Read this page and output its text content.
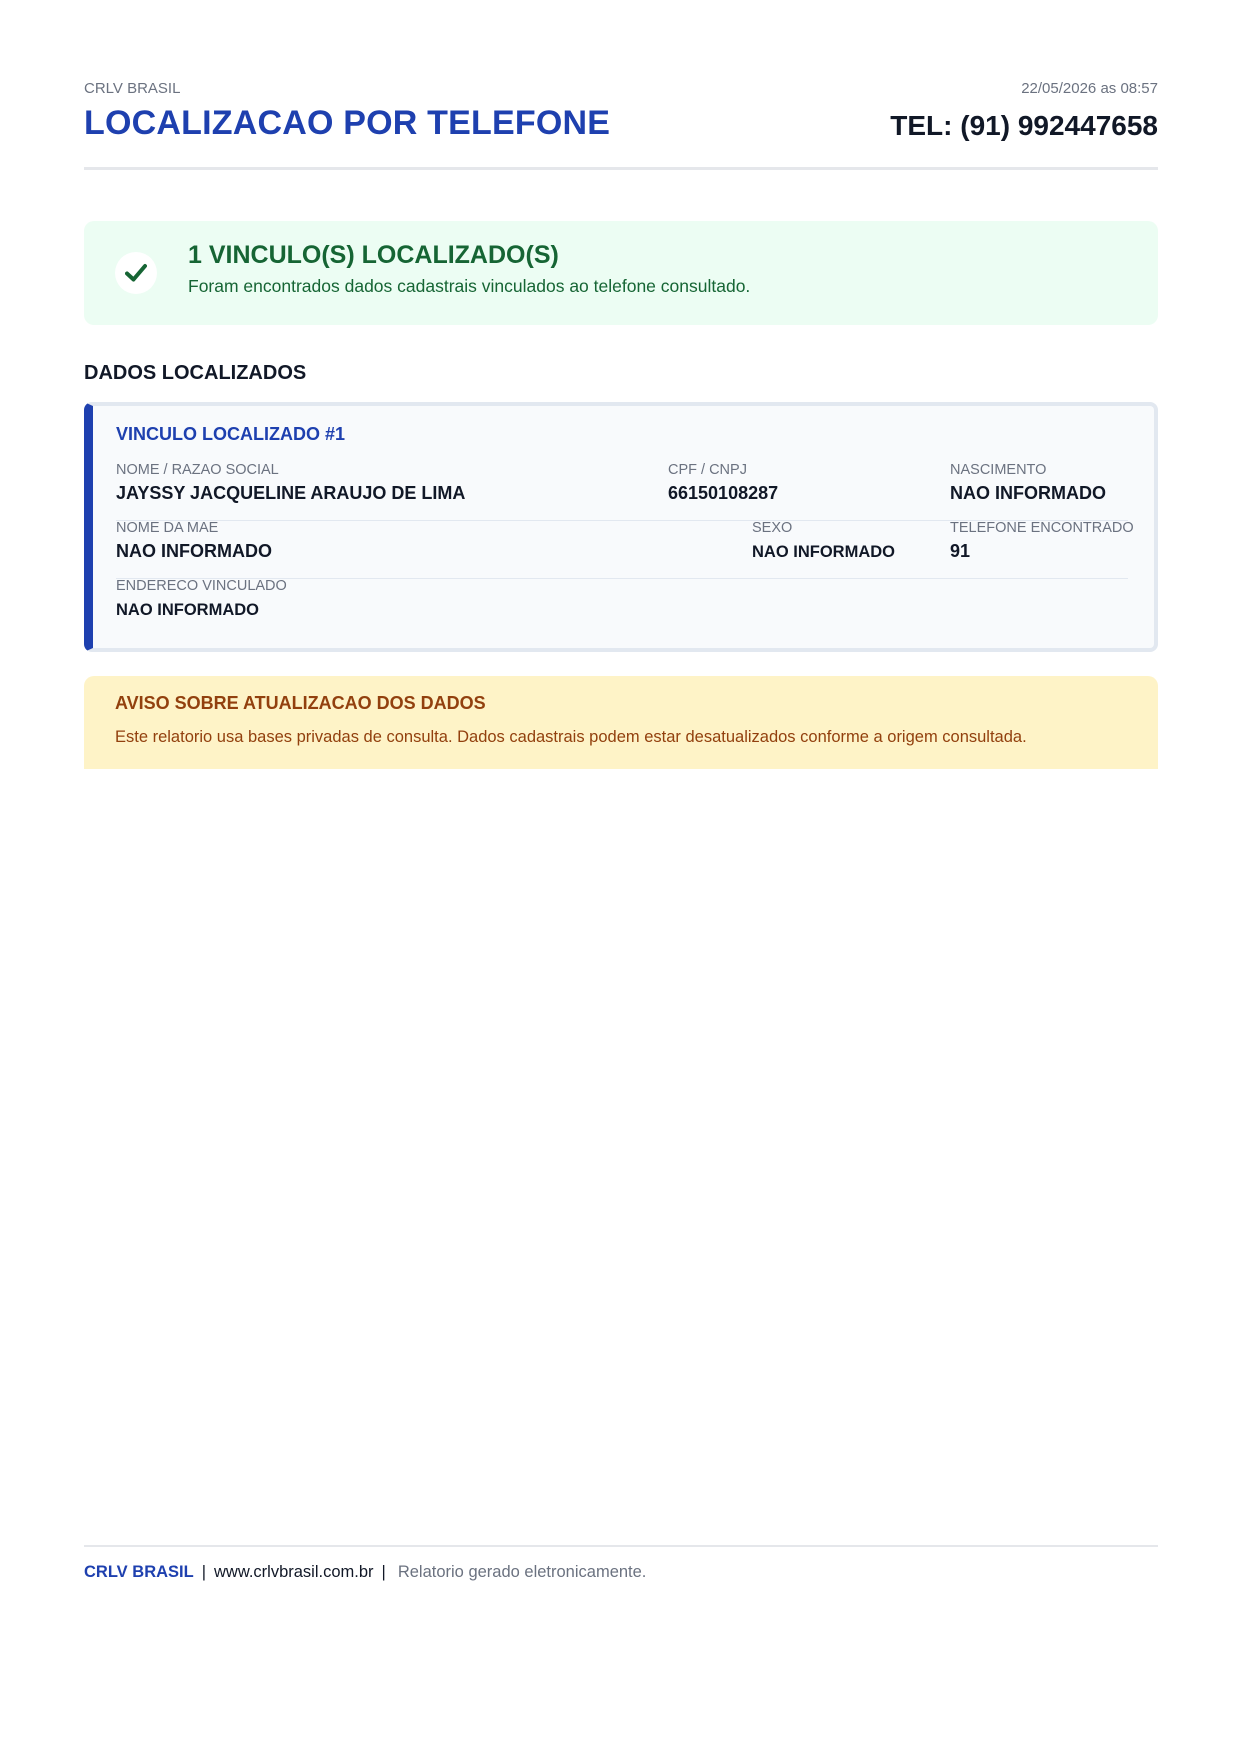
CRLV BRASIL
LOCALIZACAO POR TELEFONE
22/05/2026 as 08:57
TEL: (91) 992447658
1 VINCULO(S) LOCALIZADO(S)
Foram encontrados dados cadastrais vinculados ao telefone consultado.
DADOS LOCALIZADOS
VINCULO LOCALIZADO #1
NOME / RAZAO SOCIAL
JAYSSY JACQUELINE ARAUJO DE LIMA
CPF / CNPJ
66150108287
NASCIMENTO
NAO INFORMADO
NOME DA MAE
NAO INFORMADO
SEXO
NAO INFORMADO
TELEFONE ENCONTRADO
91
ENDERECO VINCULADO
NAO INFORMADO
AVISO SOBRE ATUALIZACAO DOS DADOS
Este relatorio usa bases privadas de consulta. Dados cadastrais podem estar desatualizados conforme a origem consultada.
CRLV BRASIL | www.crlvbrasil.com.br | Relatorio gerado eletronicamente.
